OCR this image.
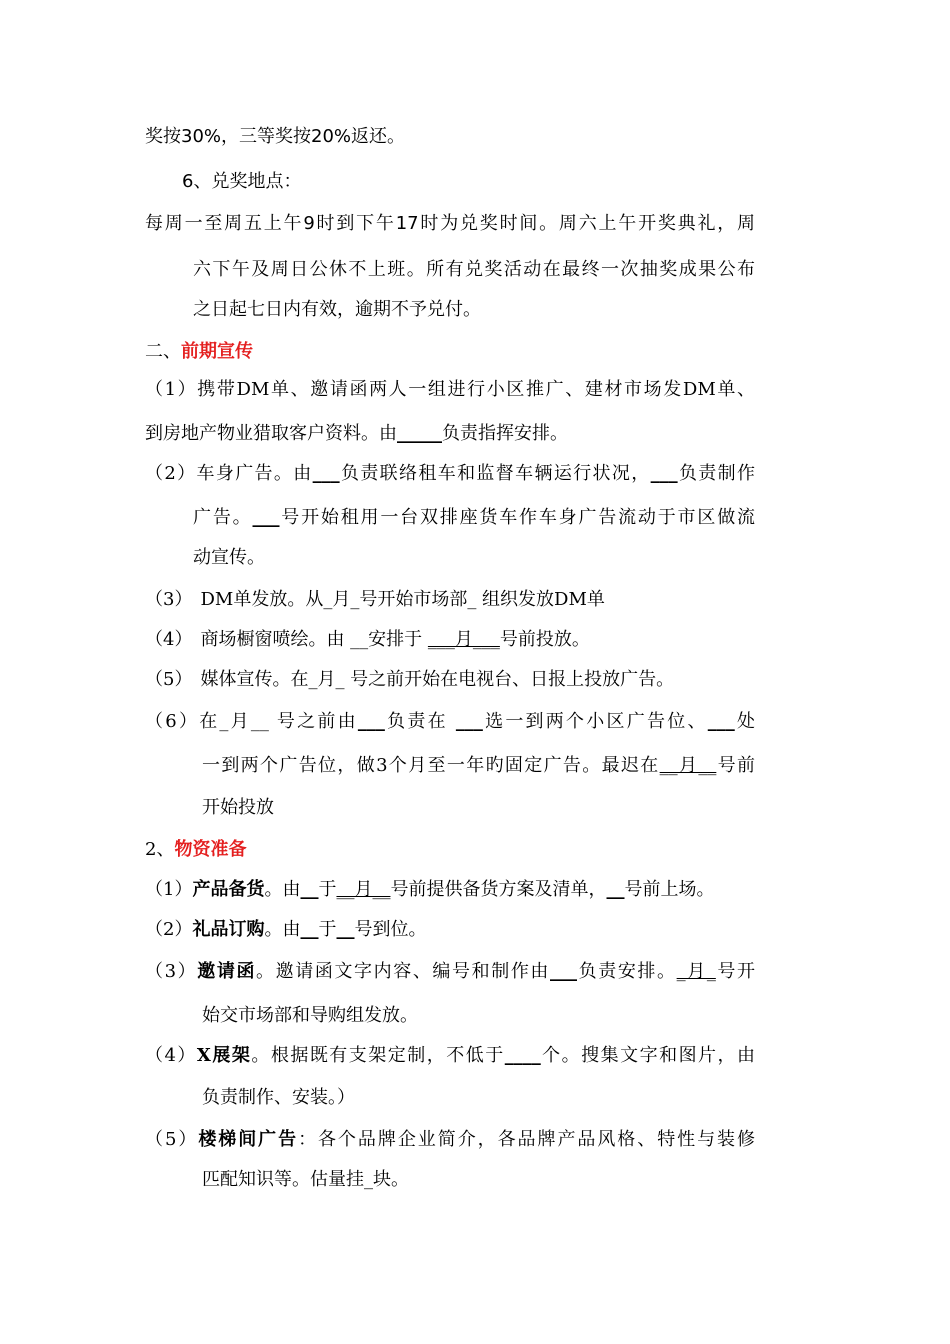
奖按30%，三等奖按20%返还。
6、兑奖地点：
每周一至周五上午9时到下午17时为兑奖时间。周六上午开奖典礼，周
六下午及周日公休不上班。所有兑奖活动在最终一次抽奖成果公布
之日起七日内有效，逾期不予兑付。
二、前期宣传
（1）携带DM单、邀请函两人一组进行小区推广、建材市场发DM单、
到房地产物业猎取客户资料。由_____负责指挥安排。
（2）车身广告。由___负责联络租车和监督车辆运行状况，___负责制作
广告。___号开始租用一台双排座货车作车身广告流动于市区做流
动宣传。
（3） DM单发放。从_月_号开始市场部_ 组织发放DM单
（4） 商场橱窗喷绘。由 __安排于 ___月___号前投放。
（5） 媒体宣传。在_月_ 号之前开始在电视台、日报上投放广告。
（6）在_月__ 号之前由___负责在 ___选一到两个小区广告位、___处
一到两个广告位，做3个月至一年旳固定广告。最迟在__月__号前
开始投放
2、物资准备
（1）产品备货。由__于__月__号前提供备货方案及清单，__号前上场。
（2）礼品订购。由__于__号到位。
（3）邀请函。邀请函文字内容、编号和制作由___负责安排。_月_号开
始交市场部和导购组发放。
（4）X展架。根据既有支架定制，不低于____个。搜集文字和图片，由
负责制作、安装。）
（5）楼梯间广告：各个品牌企业简介，各品牌产品风格、特性与装修
匹配知识等。估量挂_块。
